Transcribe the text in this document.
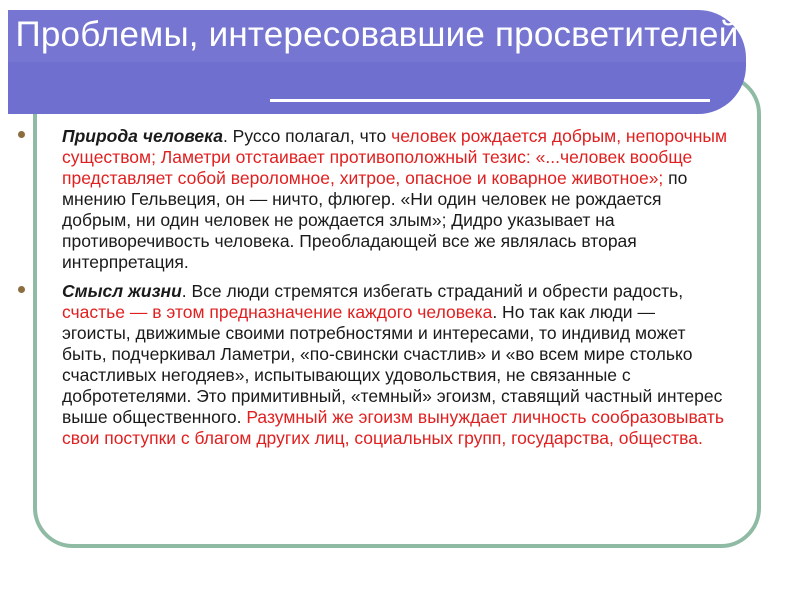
Проблемы, интересовавшие просветителей

Природа человека. Руссо полагал, что человек рождается добрым, непорочным существом; Ламетри отстаивает противоположный тезис: «...человек вообще представляет собой вероломное, хитрое, опасное и коварное животное»; по мнению Гельвеция, он — ничто, флюгер. «Ни один человек не рождается добрым, ни один человек не рождается злым»; Дидро указывает на противоречивость человека. Преобладающей все же являлась вторая интерпретация.

Смысл жизни. Все люди стремятся избегать страданий и обрести радость, счастье — в этом предназначение каждого человека. Но так как люди — эгоисты, движимые своими потребностями и интересами, то индивид может быть, подчеркивал Ламетри, «по-свински счастлив» и «во всем мире столько счастливых негодяев», испытывающих удовольствия, не связанные с добротетелями. Это примитивный, «темный» эгоизм, ставящий частный интерес выше общественного. Разумный же эгоизм вынуждает личность сообразовывать свои поступки с благом других лиц, социальных групп, государства, общества.
